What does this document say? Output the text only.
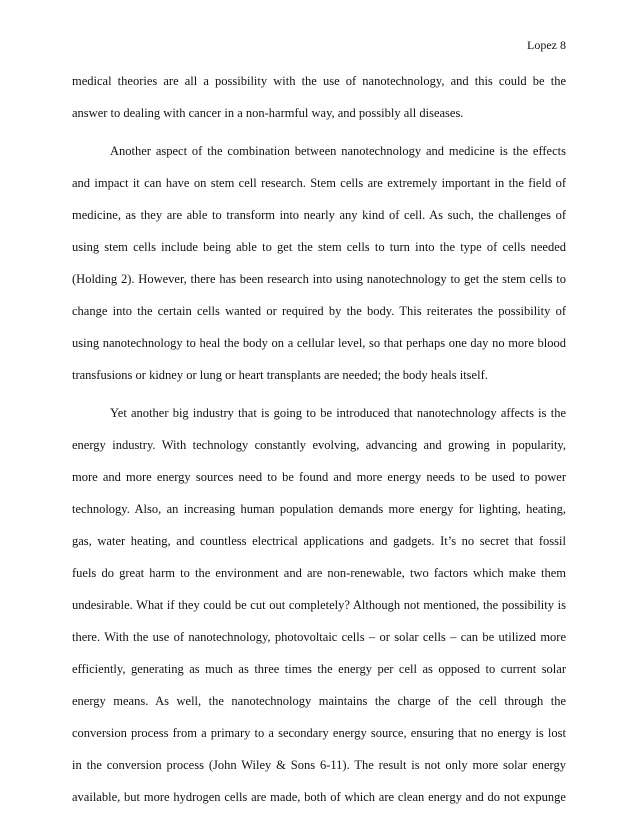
Lopez 8
medical theories are all a possibility with the use of nanotechnology, and this could be the
answer to dealing with cancer in a non-harmful way, and possibly all diseases.
Another aspect of the combination between nanotechnology and medicine is the effects
and impact it can have on stem cell research. Stem cells are extremely important in the field of
medicine, as they are able to transform into nearly any kind of cell. As such, the challenges of
using stem cells include being able to get the stem cells to turn into the type of cells needed
(Holding 2). However, there has been research into using nanotechnology to get the stem cells to
change into the certain cells wanted or required by the body. This reiterates the possibility of
using nanotechnology to heal the body on a cellular level, so that perhaps one day no more blood
transfusions or kidney or lung or heart transplants are needed; the body heals itself.
Yet another big industry that is going to be introduced that nanotechnology affects is the
energy industry. With technology constantly evolving, advancing and growing in popularity,
more and more energy sources need to be found and more energy needs to be used to power
technology. Also, an increasing human population demands more energy for lighting, heating,
gas, water heating, and countless electrical applications and gadgets. It’s no secret that fossil
fuels do great harm to the environment and are non-renewable, two factors which make them
undesirable. What if they could be cut out completely? Although not mentioned, the possibility is
there. With the use of nanotechnology, photovoltaic cells – or solar cells – can be utilized more
efficiently, generating as much as three times the energy per cell as opposed to current solar
energy means. As well, the nanotechnology maintains the charge of the cell through the
conversion process from a primary to a secondary energy source, ensuring that no energy is lost
in the conversion process (John Wiley & Sons 6-11). The result is not only more solar energy
available, but more hydrogen cells are made, both of which are clean energy and do not expunge
